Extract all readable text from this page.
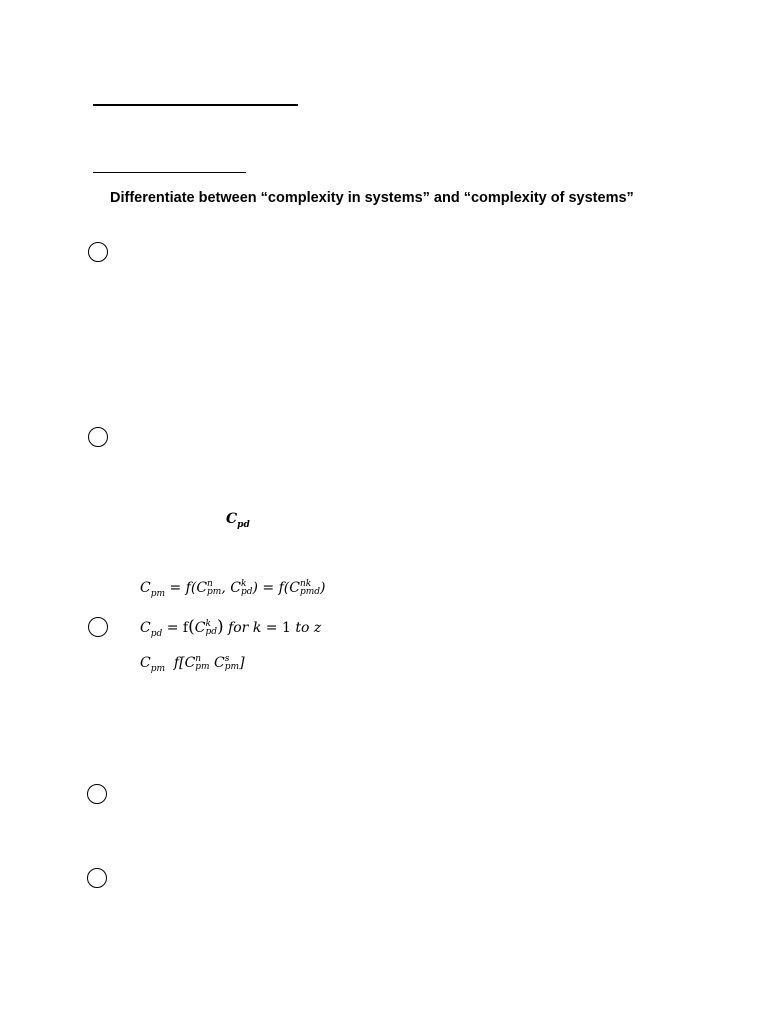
Differentiate between “complexity in systems” and “complexity of systems”
$C_{pd}$
$C_{pm} = f(C$ n
pm , C k
pd ) = f(C nk
pmd )
$C_{pd} = f(C$ k
pd ) for k = 1 to z
$C_{pm}$ f[C n
pm C s
pm ]
